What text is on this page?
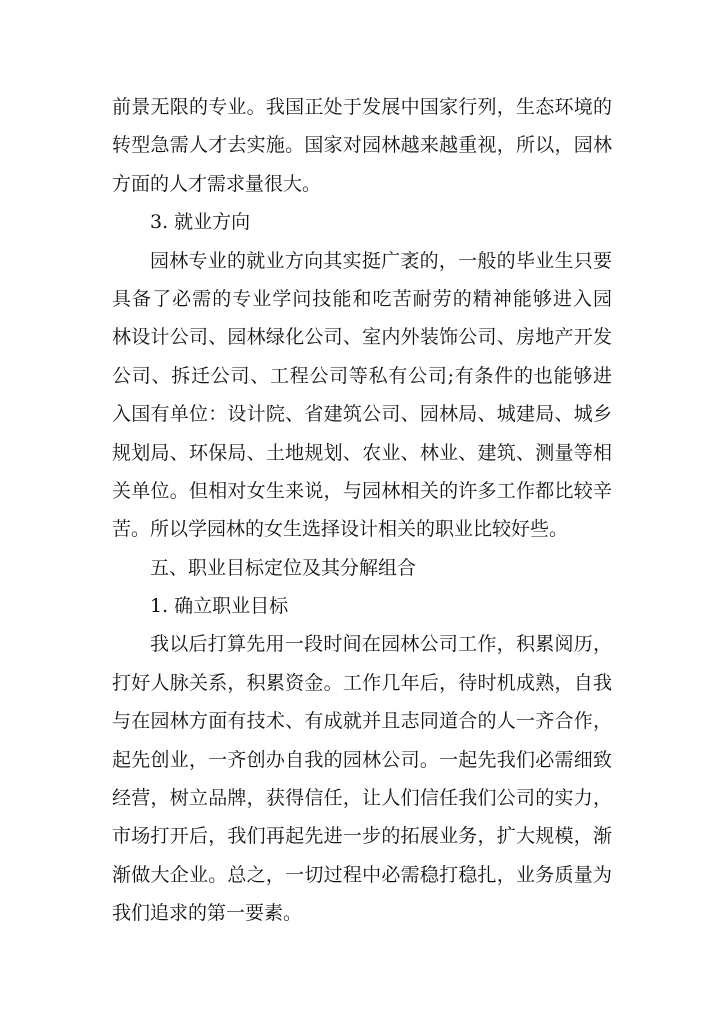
前景无限的专业。我国正处于发展中国家行列，生态环境的
转型急需人才去实施。国家对园林越来越重视，所以，园林
方面的人才需求量很大。
3. 就业方向
园林专业的就业方向其实挺广袤的，一般的毕业生只要
具备了必需的专业学问技能和吃苦耐劳的精神能够进入园
林设计公司、园林绿化公司、室内外装饰公司、房地产开发
公司、拆迁公司、工程公司等私有公司;有条件的也能够进
入国有单位：设计院、省建筑公司、园林局、城建局、城乡
规划局、环保局、土地规划、农业、林业、建筑、测量等相
关单位。但相对女生来说，与园林相关的许多工作都比较辛
苦。所以学园林的女生选择设计相关的职业比较好些。
五、职业目标定位及其分解组合
1. 确立职业目标
我以后打算先用一段时间在园林公司工作，积累阅历，
打好人脉关系，积累资金。工作几年后，待时机成熟，自我
与在园林方面有技术、有成就并且志同道合的人一齐合作，
起先创业，一齐创办自我的园林公司。一起先我们必需细致
经营，树立品牌，获得信任，让人们信任我们公司的实力，
市场打开后，我们再起先进一步的拓展业务，扩大规模，渐
渐做大企业。总之，一切过程中必需稳打稳扎，业务质量为
我们追求的第一要素。
